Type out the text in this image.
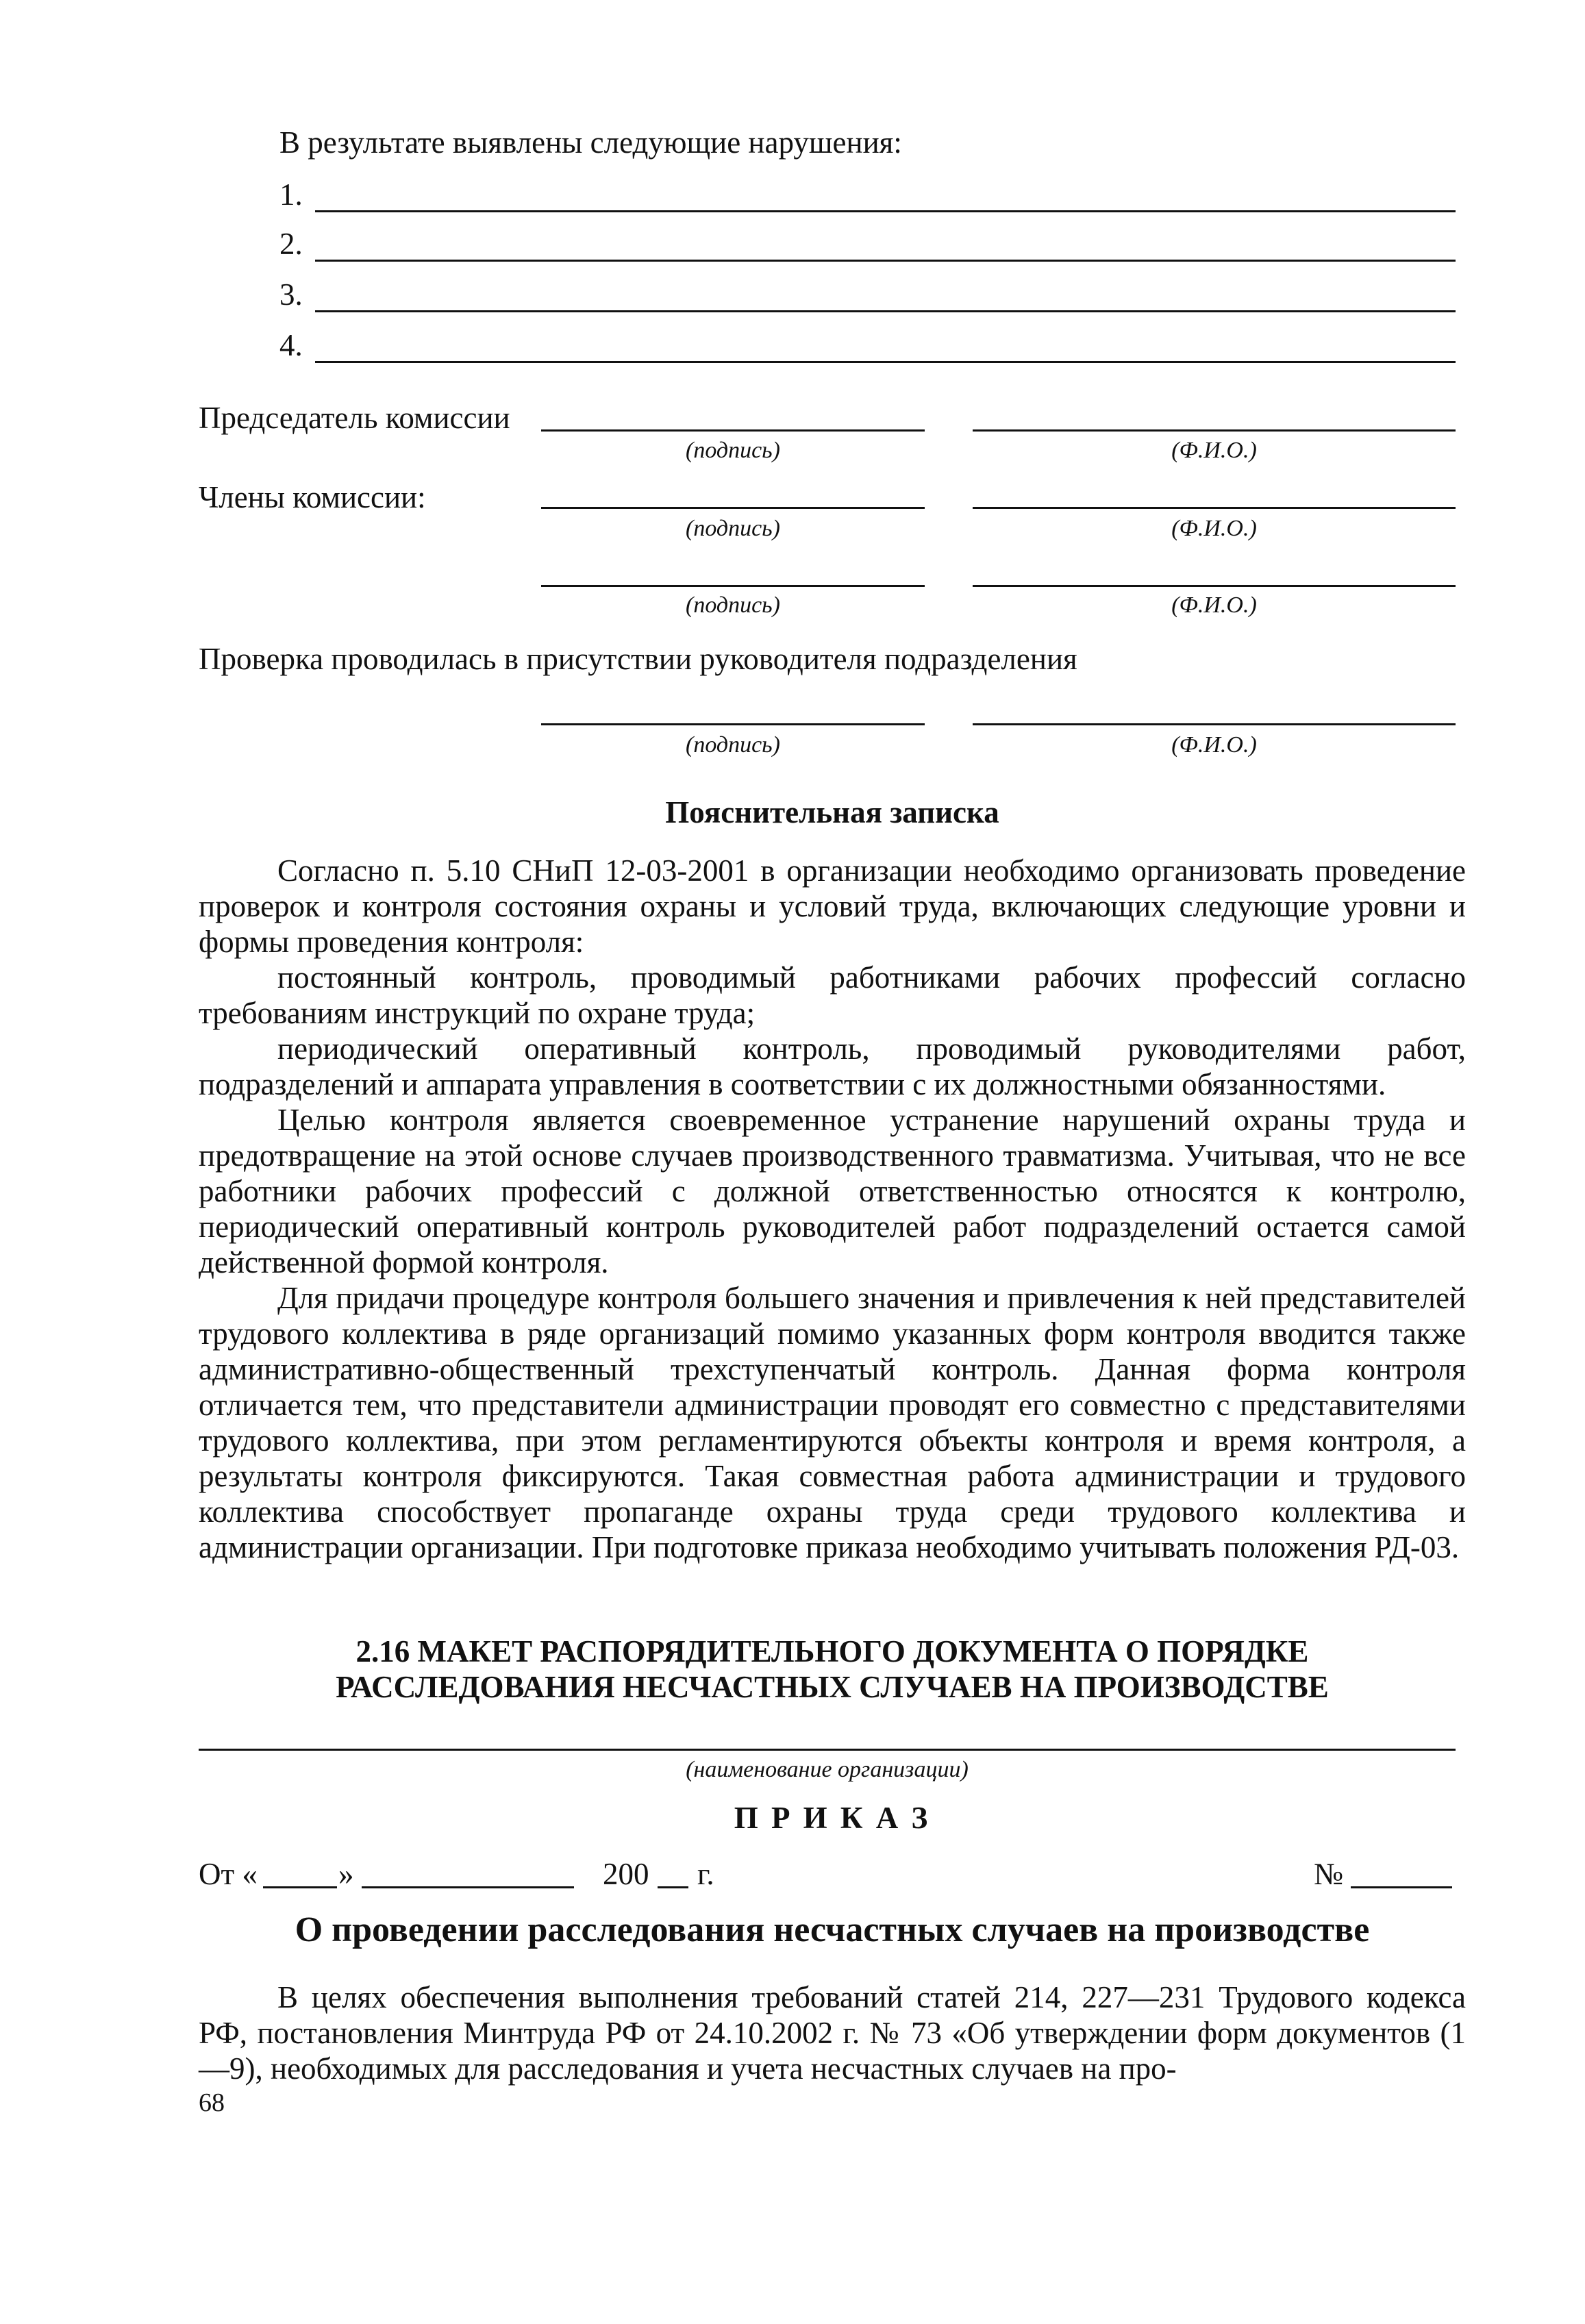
В результате выявлены следующие нарушения:
1.
2.
3.
4.
Председатель комиссии
(подпись)	(Ф.И.О.)
Члены комиссии:
(подпись)	(Ф.И.О.)
(подпись)	(Ф.И.О.)
Проверка проводилась в присутствии руководителя подразделения
(подпись)	(Ф.И.О.)
Пояснительная записка
Согласно п. 5.10 СНиП 12-03-2001 в организации необходимо организовать проведение проверок и контроля состояния охраны и условий труда, включающих следующие уровни и формы проведения контроля:
постоянный контроль, проводимый работниками рабочих профессий согласно требованиям инструкций по охране труда;
периодический оперативный контроль, проводимый руководителями работ, подразделений и аппарата управления в соответствии с их должностными обязанностями.
Целью контроля является своевременное устранение нарушений охраны труда и предотвращение на этой основе случаев производственного травматизма. Учитывая, что не все работники рабочих профессий с должной ответственностью относятся к контролю, периодический оперативный контроль руководителей работ подразделений остается самой действенной формой контроля.
Для придачи процедуре контроля большего значения и привлечения к ней представителей трудового коллектива в ряде организаций помимо указанных форм контроля вводится также административно-общественный трехступенчатый контроль. Данная форма контроля отличается тем, что представители администрации проводят его совместно с представителями трудового коллектива, при этом регламентируются объекты контроля и время контроля, а результаты контроля фиксируются. Такая совместная работа администрации и трудового коллектива способствует пропаганде охраны труда среди трудового коллектива и администрации организации. При подготовке приказа необходимо учитывать положения РД-03.
2.16 МАКЕТ РАСПОРЯДИТЕЛЬНОГО ДОКУМЕНТА О ПОРЯДКЕ
РАССЛЕДОВАНИЯ НЕСЧАСТНЫХ СЛУЧАЕВ НА ПРОИЗВОДСТВЕ
(наименование организации)
П Р И К А З
От «	»	200 г.	№
О проведении расследования несчастных случаев на производстве
В целях обеспечения выполнения требований статей 214, 227—231 Трудового кодекса РФ, постановления Минтруда РФ от 24.10.2002 г. № 73 «Об утверждении форм документов (1—9), необходимых для расследования и учета несчастных случаев на про-
68
